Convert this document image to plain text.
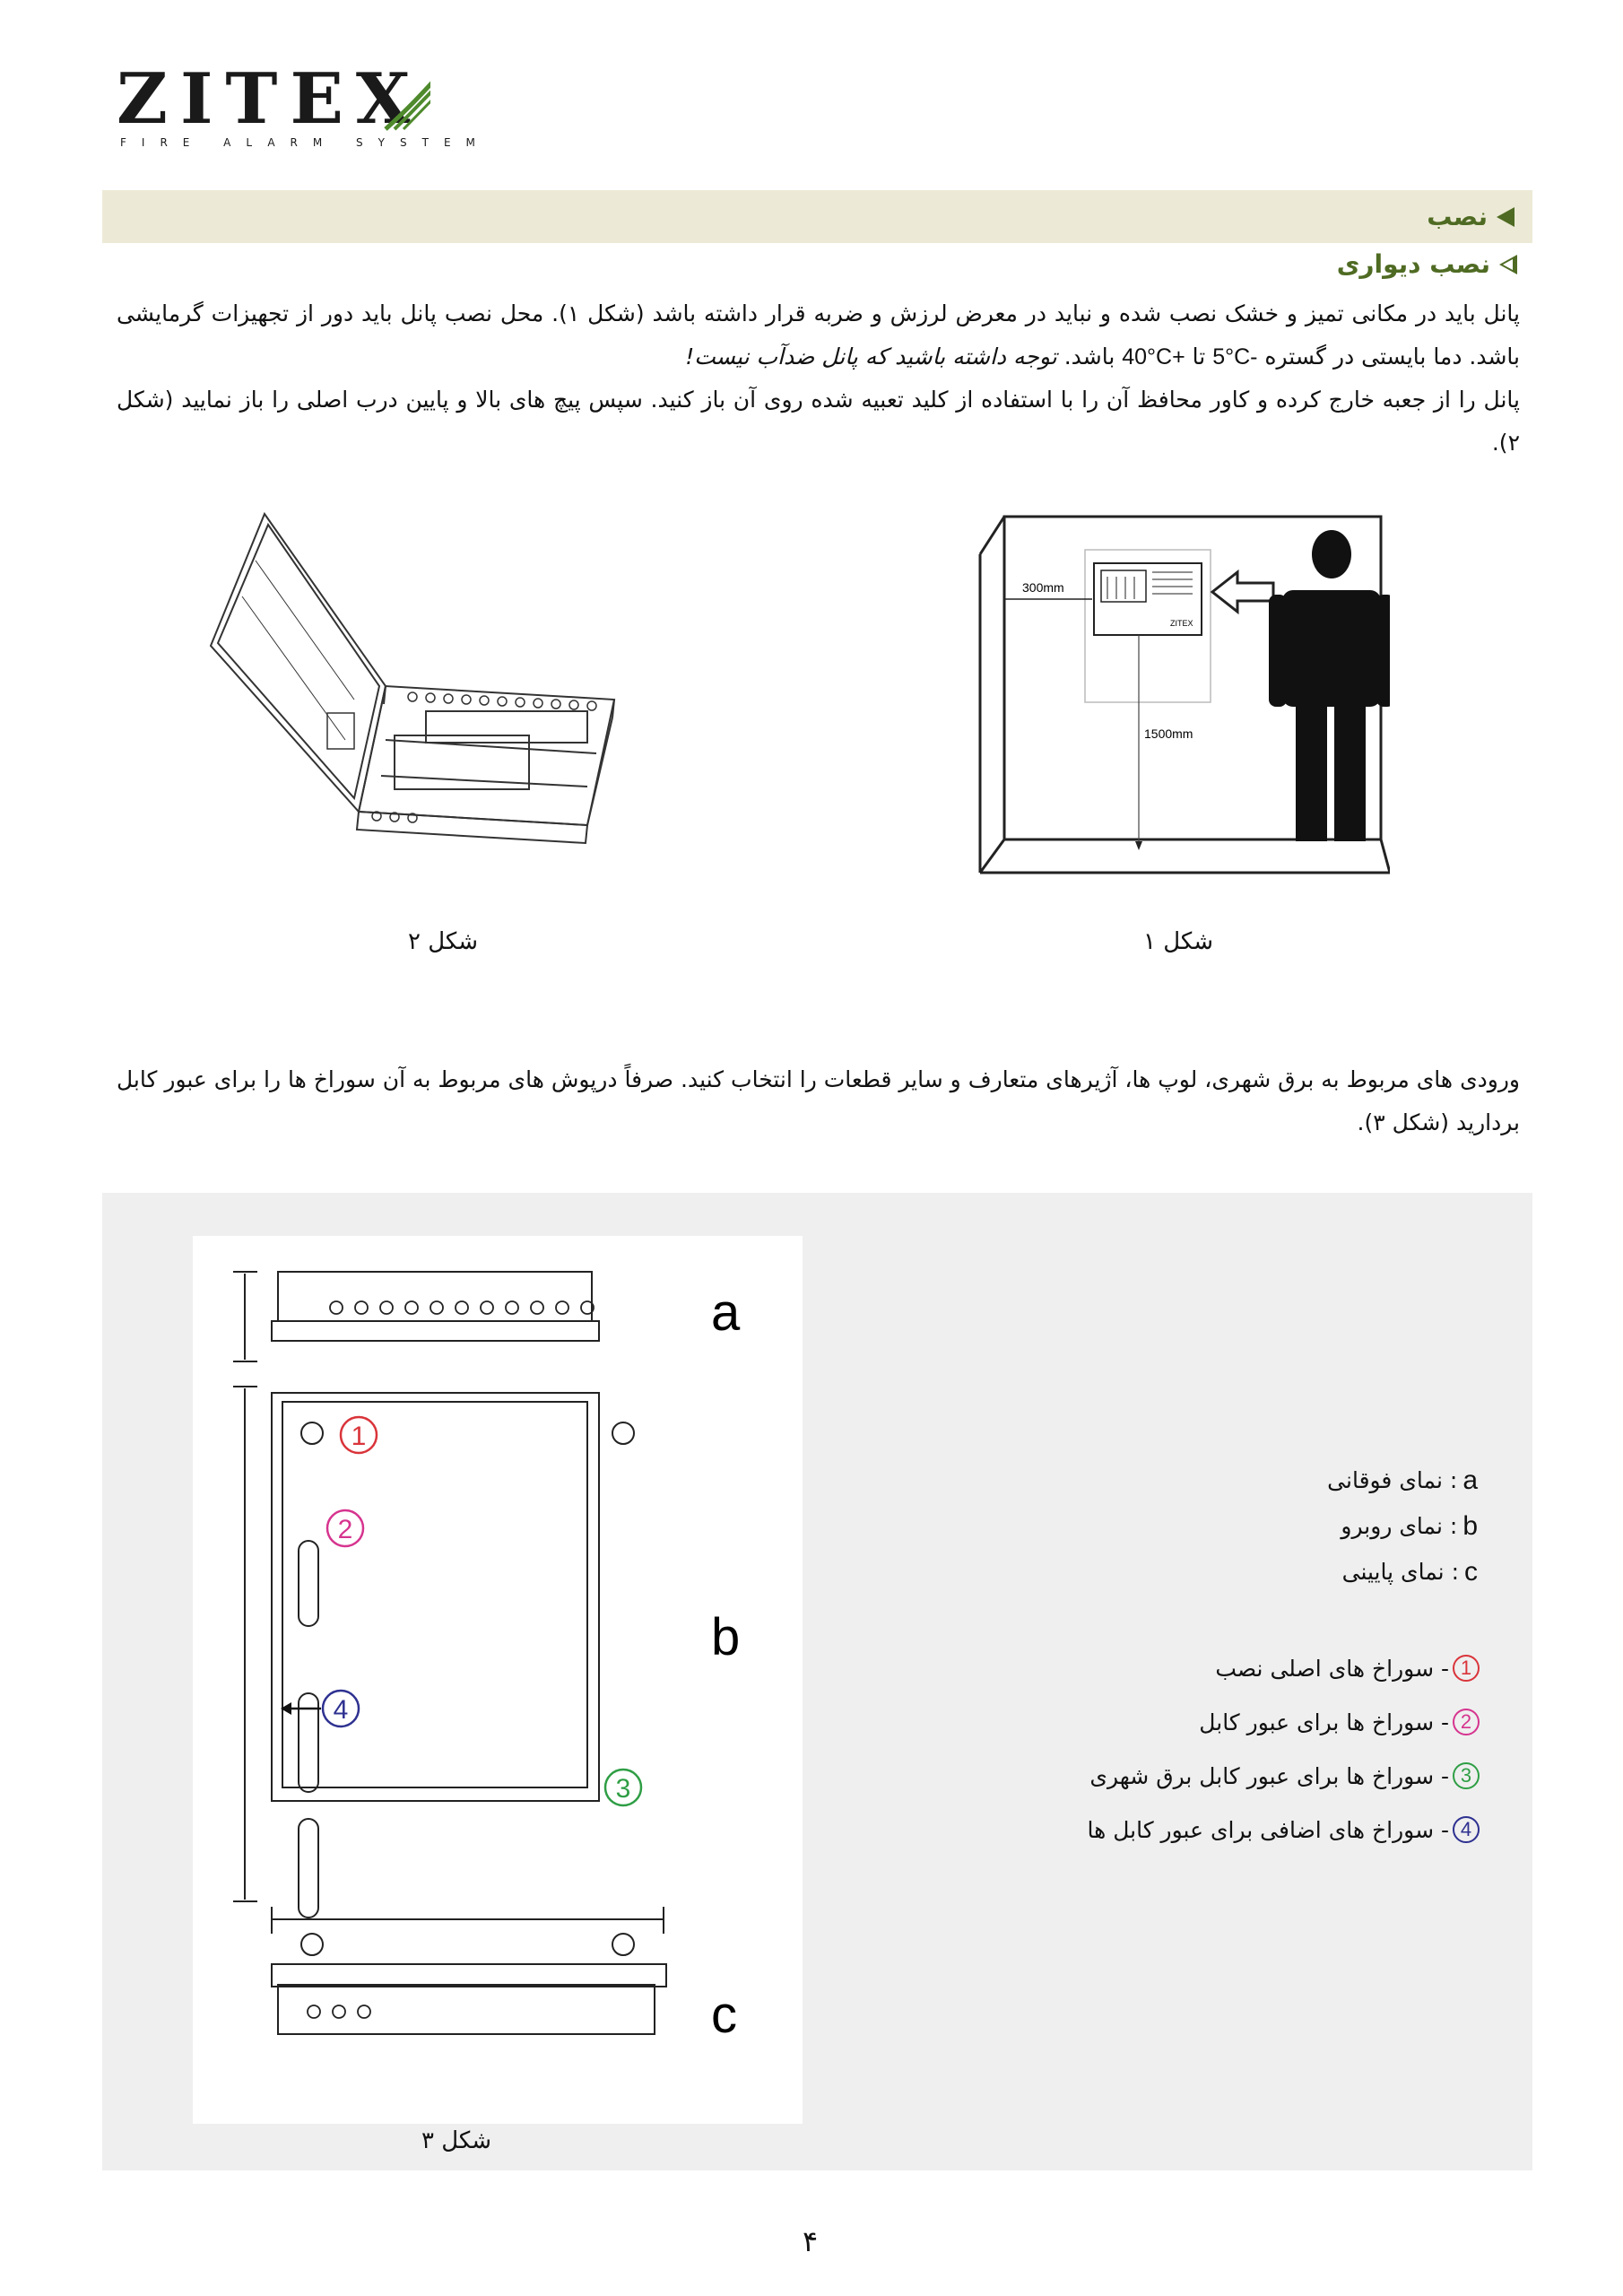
ZITEX
FIRE ALARM SYSTEM
نصب
نصب دیواری
پانل باید در مکانی تمیز و خشک نصب شده و نباید در معرض لرزش و ضربه قرار داشته باشد (شکل ۱). محل نصب پانل باید دور از تجهیزات گرمایشی باشد. دما بایستی در گستره 5°C- تا 40°C+ باشد. توجه داشته باشید که پانل ضدآب نیست!
پانل را از جعبه خارج کرده و کاور محافظ آن را با استفاده از کلید تعبیه شده روی آن باز کنید. سپس پیچ های بالا و پایین درب اصلی را باز نمایید (شکل ۲).
شکل ۲
ZITEX
300mm
1500mm
شکل ۱
ورودی های مربوط به برق شهری، لوپ ها، آژیرهای متعارف و سایر قطعات را انتخاب کنید. صرفاً درپوش های مربوط به آن سوراخ ها را برای عبور کابل بردارید (شکل ۳).
a
b
c
1
2
3
4
شکل ۳
a
: نمای فوقانی
b
: نمای روبرو
c
: نمای پایینی
1
- سوراخ های اصلی نصب
2
- سوراخ ها برای عبور کابل
3
- سوراخ ها برای عبور کابل برق شهری
4
- سوراخ های اضافی برای عبور کابل ها
۴
